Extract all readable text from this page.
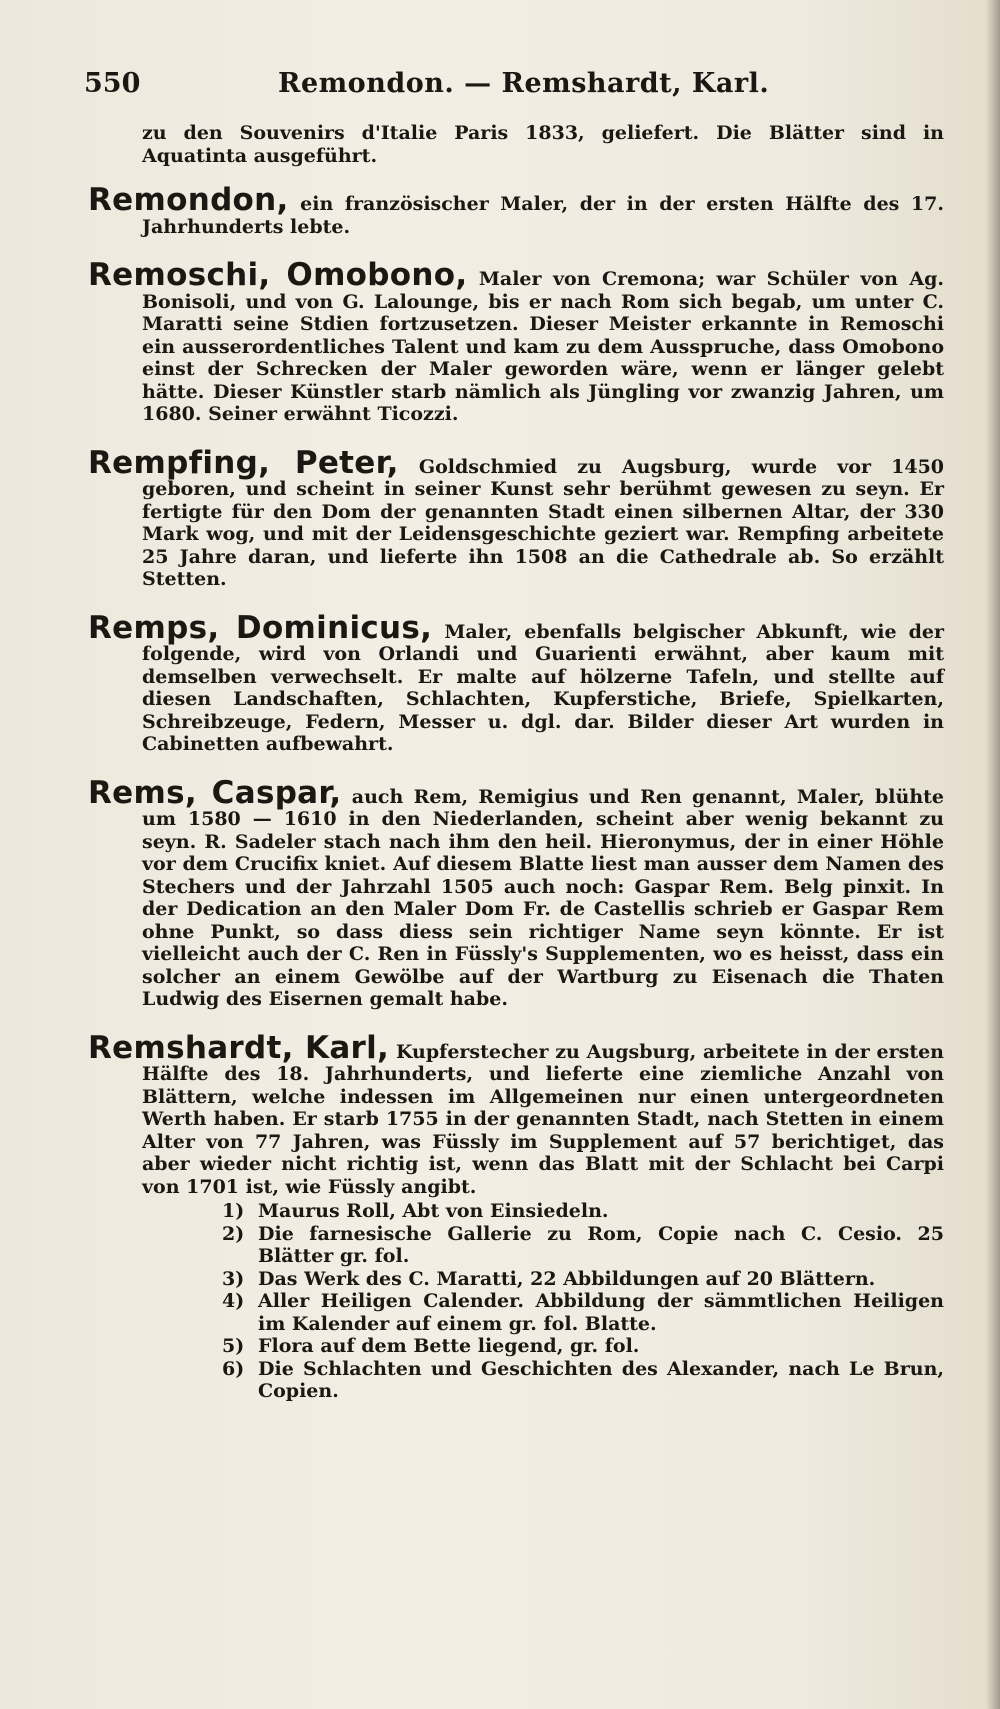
550	Remondon. — Remshardt, Karl.

zu den Souvenirs d'Italie Paris 1833, geliefert. Die Blätter sind in Aquatinta ausgeführt.

Remondon, ein französischer Maler, der in der ersten Hälfte des 17. Jahrhunderts lebte.

Remoschi, Omobono, Maler von Cremona; war Schüler von Ag. Bonisoli, und von G. Lalounge, bis er nach Rom sich begab, um unter C. Maratti seine Stdien fortzusetzen. Dieser Meister erkannte in Remoschi ein ausserordentliches Talent und kam zu dem Ausspruche, dass Omobono einst der Schrecken der Maler geworden wäre, wenn er länger gelebt hätte. Dieser Künstler starb nämlich als Jüngling vor zwanzig Jahren, um 1680. Seiner erwähnt Ticozzi.

Rempfing, Peter, Goldschmied zu Augsburg, wurde vor 1450 geboren, und scheint in seiner Kunst sehr berühmt gewesen zu seyn. Er fertigte für den Dom der genannten Stadt einen silbernen Altar, der 330 Mark wog, und mit der Leidensgeschichte geziert war. Rempfing arbeitete 25 Jahre daran, und lieferte ihn 1508 an die Cathedrale ab. So erzählt Stetten.

Remps, Dominicus, Maler, ebenfalls belgischer Abkunft, wie der folgende, wird von Orlandi und Guarienti erwähnt, aber kaum mit demselben verwechselt. Er malte auf hölzerne Tafeln, und stellte auf diesen Landschaften, Schlachten, Kupferstiche, Briefe, Spielkarten, Schreibzeuge, Federn, Messer u. dgl. dar. Bilder dieser Art wurden in Cabinetten aufbewahrt.

Rems, Caspar, auch Rem, Remigius und Ren genannt, Maler, blühte um 1580 — 1610 in den Niederlanden, scheint aber wenig bekannt zu seyn. R. Sadeler stach nach ihm den heil. Hieronymus, der in einer Höhle vor dem Crucifix kniet. Auf diesem Blatte liest man ausser dem Namen des Stechers und der Jahrzahl 1505 auch noch: Gaspar Rem. Belg pinxit. In der Dedication an den Maler Dom Fr. de Castellis schrieb er Gaspar Rem ohne Punkt, so dass diess sein richtiger Name seyn könnte. Er ist vielleicht auch der C. Ren in Füssly's Supplementen, wo es heisst, dass ein solcher an einem Gewölbe auf der Wartburg zu Eisenach die Thaten Ludwig des Eisernen gemalt habe.

Remshardt, Karl, Kupferstecher zu Augsburg, arbeitete in der ersten Hälfte des 18. Jahrhunderts, und lieferte eine ziemliche Anzahl von Blättern, welche indessen im Allgemeinen nur einen untergeordneten Werth haben. Er starb 1755 in der genannten Stadt, nach Stetten in einem Alter von 77 Jahren, was Füssly im Supplement auf 57 berichtiget, das aber wieder nicht richtig ist, wenn das Blatt mit der Schlacht bei Carpi von 1701 ist, wie Füssly angibt.
1) Maurus Roll, Abt von Einsiedeln.
2) Die farnesische Gallerie zu Rom, Copie nach C. Cesio. 25 Blätter gr. fol.
3) Das Werk des C. Maratti, 22 Abbildungen auf 20 Blättern.
4) Aller Heiligen Calender. Abbildung der sämmtlichen Heiligen im Kalender auf einem gr. fol. Blatte.
5) Flora auf dem Bette liegend, gr. fol.
6) Die Schlachten und Geschichten des Alexander, nach Le Brun, Copien.
